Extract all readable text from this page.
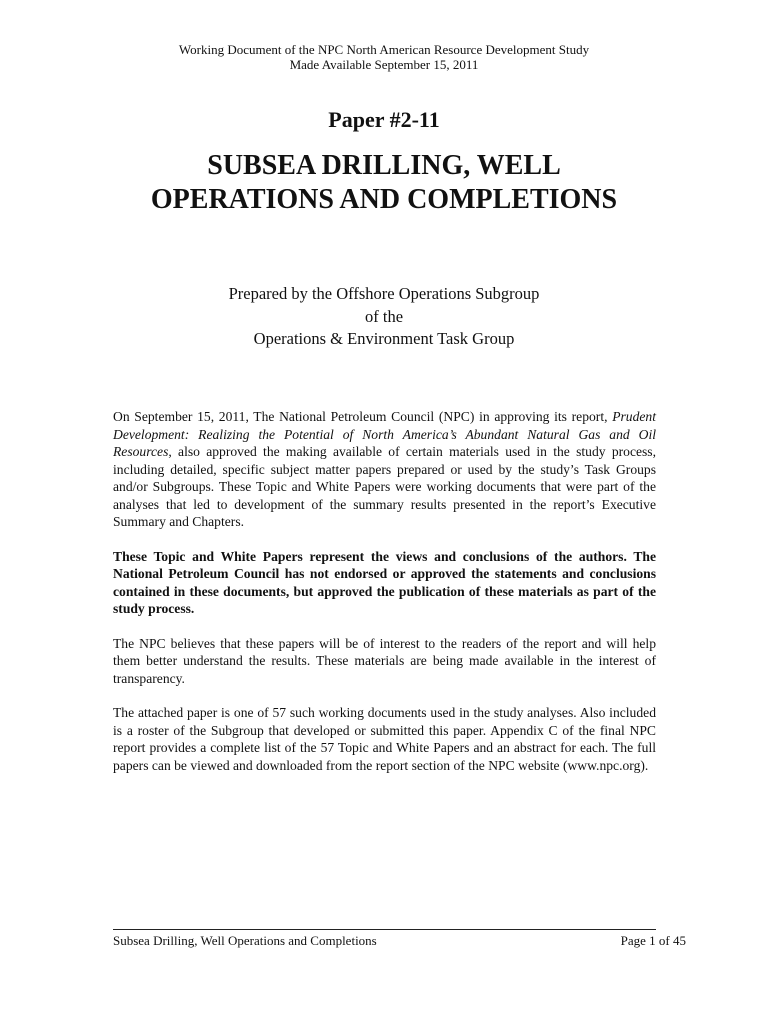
Working Document of the NPC North American Resource Development Study
Made Available September 15, 2011
Paper #2-11
SUBSEA DRILLING, WELL
OPERATIONS AND COMPLETIONS
Prepared by the Offshore Operations Subgroup
of the
Operations & Environment Task Group

On September 15, 2011, The National Petroleum Council (NPC) in approving its report, Prudent Development: Realizing the Potential of North America’s Abundant Natural Gas and Oil Resources, also approved the making available of certain materials used in the study process, including detailed, specific subject matter papers prepared or used by the study’s Task Groups and/or Subgroups. These Topic and White Papers were working documents that were part of the analyses that led to development of the summary results presented in the report’s Executive Summary and Chapters.

These Topic and White Papers represent the views and conclusions of the authors. The National Petroleum Council has not endorsed or approved the statements and conclusions contained in these documents, but approved the publication of these materials as part of the study process.

The NPC believes that these papers will be of interest to the readers of the report and will help them better understand the results. These materials are being made available in the interest of transparency.

The attached paper is one of 57 such working documents used in the study analyses. Also included is a roster of the Subgroup that developed or submitted this paper. Appendix C of the final NPC report provides a complete list of the 57 Topic and White Papers and an abstract for each. The full papers can be viewed and downloaded from the report section of the NPC website (www.npc.org).

Subsea Drilling, Well Operations and Completions	Page 1 of 45
